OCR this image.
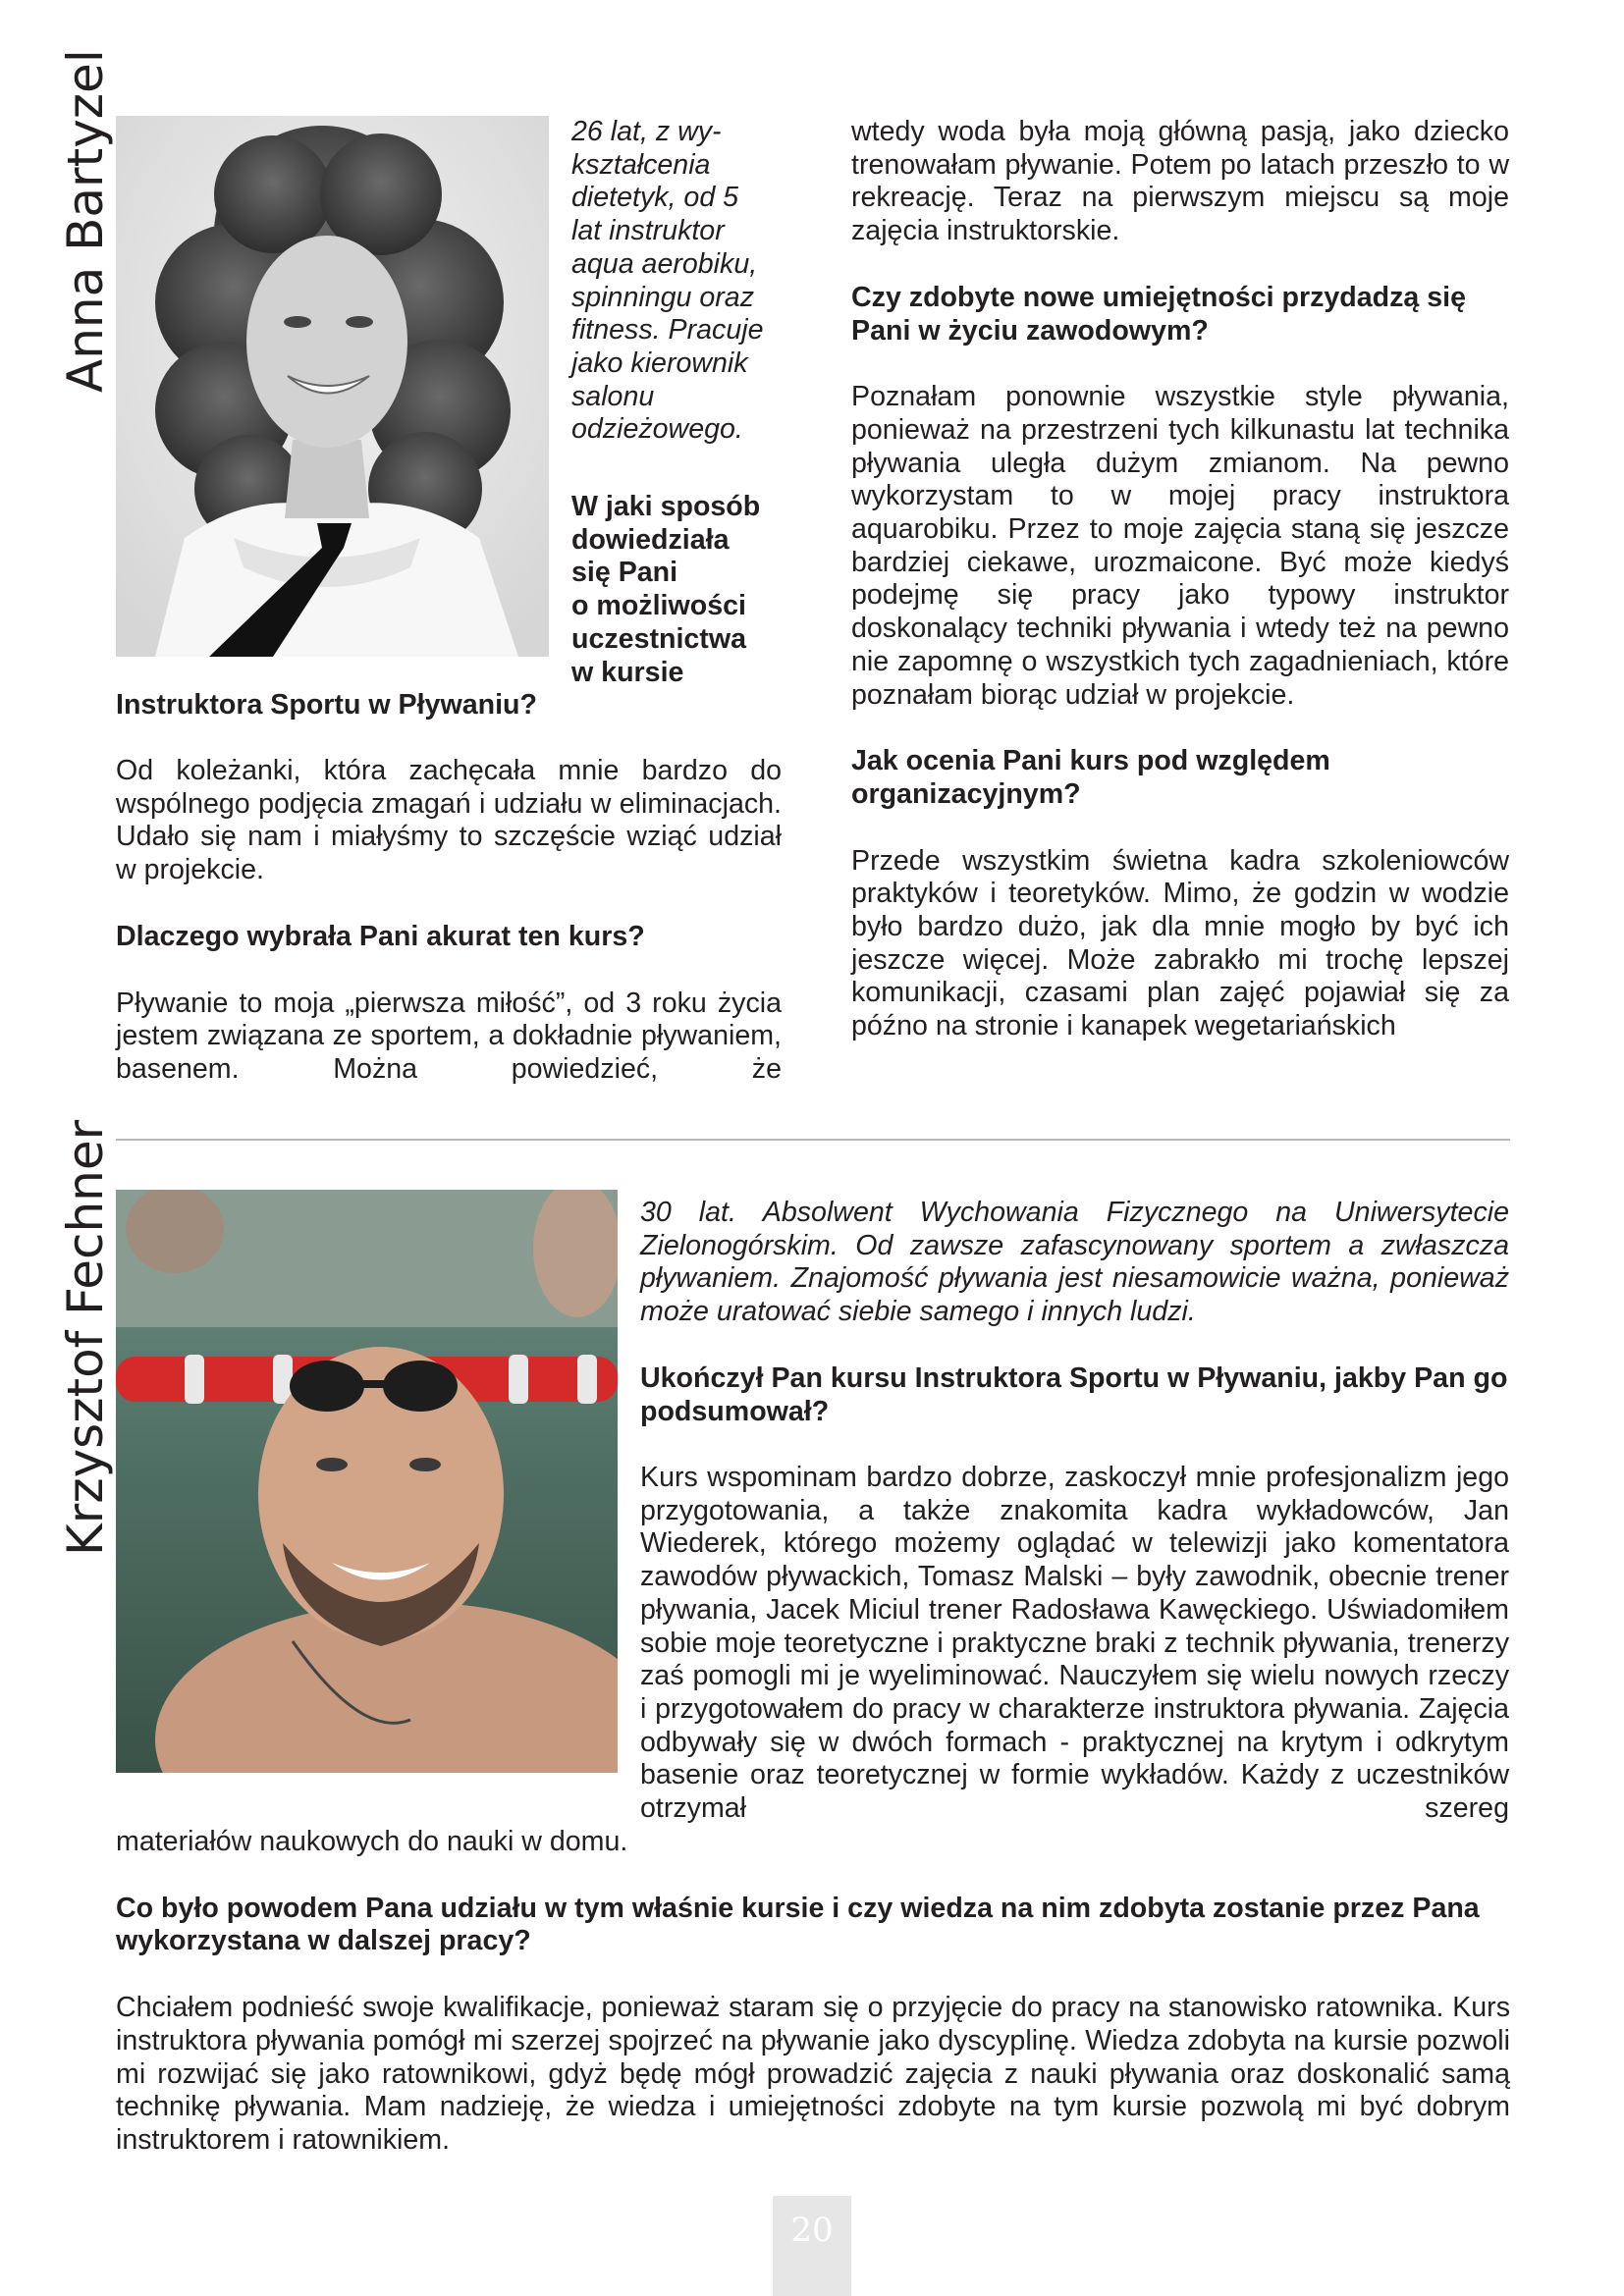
Anna Bartyzel	26 lat, z wy-
kształcenia
dietetyk, od 5
lat instruktor
aqua aerobiku,
spinningu oraz
fitness. Pracuje
jako kierownik
salonu
odzieżowego.
W jaki sposób
dowiedziała
się Pani
o możliwości
uczestnictwa
w kursie
Instruktora Sportu w Pływaniu?

Od koleżanki, która zachęcała mnie bardzo do wspólnego podjęcia zmagań i udziału w eliminacjach. Udało się nam i miałyśmy to szczęście wziąć udział w projekcie.

Dlaczego wybrała Pani akurat ten kurs?

Pływanie to moja „pierwsza miłość”, od 3 roku życia jestem związana ze sportem, a dokładnie pływaniem, basenem. Można powiedzieć, że

wtedy woda była moją główną pasją, jako dziecko trenowałam pływanie. Potem po latach przeszło to w rekreację. Teraz na pierwszym miejscu są moje zajęcia instruktorskie.

Czy zdobyte nowe umiejętności przydadzą się Pani w życiu zawodowym?

Poznałam ponownie wszystkie style pływania, ponieważ na przestrzeni tych kilkunastu lat technika pływania uległa dużym zmianom. Na pewno wykorzystam to w mojej pracy instruktora aquarobiku. Przez to moje zajęcia staną się jeszcze bardziej ciekawe, urozmaicone. Być może kiedyś podejmę się pracy jako typowy instruktor doskonalący techniki pływania i wtedy też na pewno nie zapomnę o wszystkich tych zagadnieniach, które poznałam biorąc udział w projekcie.

Jak ocenia Pani kurs pod względem organizacyjnym?

Przede wszystkim świetna kadra szkoleniowców praktyków i teoretyków. Mimo, że godzin w wodzie było bardzo dużo, jak dla mnie mogło by być ich jeszcze więcej. Może zabrakło mi trochę lepszej komunikacji, czasami plan zajęć pojawiał się za późno na stronie i kanapek wegetariańskich

Krzysztof Fechner	30 lat. Absolwent Wychowania Fizycznego na Uniwersytecie Zielonogórskim. Od zawsze zafascynowany sportem a zwłaszcza pływaniem. Znajomość pływania jest niesamowicie ważna, ponieważ może uratować siebie samego i innych ludzi.

Ukończył Pan kursu Instruktora Sportu w Pływaniu, jakby Pan go podsumował?

Kurs wspominam bardzo dobrze, zaskoczył mnie profesjonalizm jego przygotowania, a także znakomita kadra wykładowców, Jan Wiederek, którego możemy oglądać w telewizji jako komentatora zawodów pływackich, Tomasz Malski – były zawodnik, obecnie trener pływania, Jacek Miciul trener Radosława Kawęckiego. Uświadomiłem sobie moje teoretyczne i praktyczne braki z technik pływania, trenerzy zaś pomogli mi je wyeliminować. Nauczyłem się wielu nowych rzeczy i przygotowałem do pracy w charakterze instruktora pływania. Zajęcia odbywały się w dwóch formach - praktycznej na krytym i odkrytym basenie oraz teoretycznej w formie wykładów. Każdy z uczestników otrzymał szereg

materiałów naukowych do nauki w domu.

Co było powodem Pana udziału w tym właśnie kursie i czy wiedza na nim zdobyta zostanie przez Pana wykorzystana w dalszej pracy?

Chciałem podnieść swoje kwalifikacje, ponieważ staram się o przyjęcie do pracy na stanowisko ratownika. Kurs instruktora pływania pomógł mi szerzej spojrzeć na pływanie jako dyscyplinę. Wiedza zdobyta na kursie pozwoli mi rozwijać się jako ratownikowi, gdyż będę mógł prowadzić zajęcia z nauki pływania oraz doskonalić samą technikę pływania. Mam nadzieję, że wiedza i umiejętności zdobyte na tym kursie pozwolą mi być dobrym instruktorem i ratownikiem.

20
